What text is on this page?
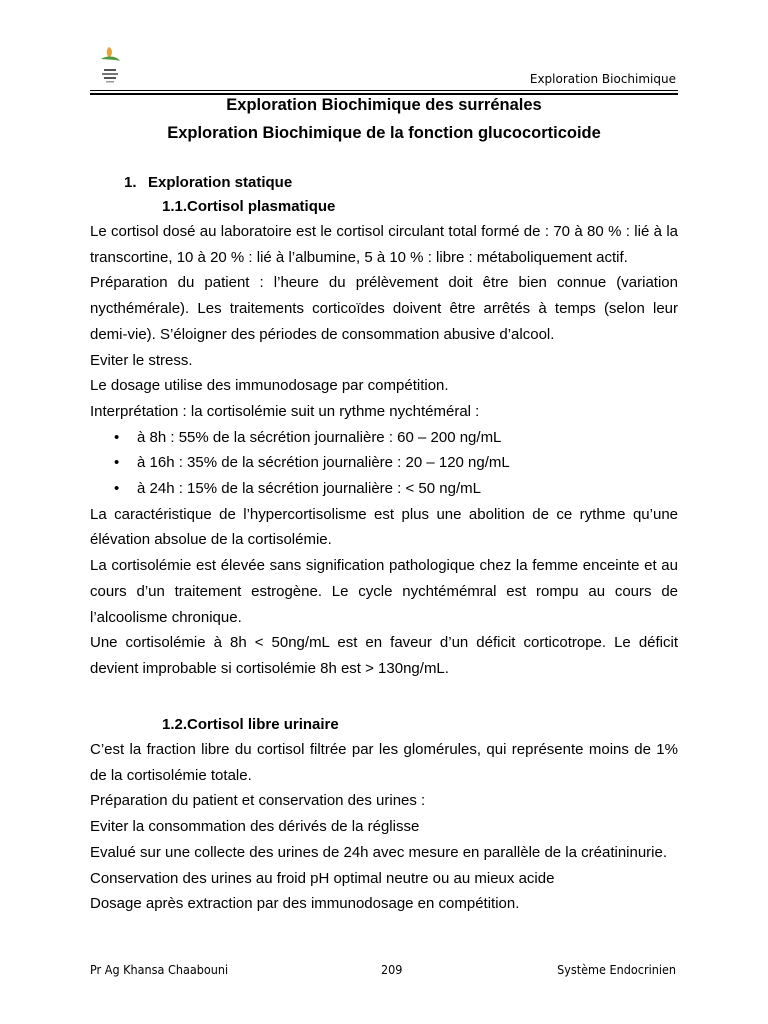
Exploration Biochimique
Exploration Biochimique des surrénales
Exploration Biochimique de la fonction glucocorticoide
1. Exploration statique
1.1.Cortisol plasmatique

Le cortisol dosé au laboratoire est le cortisol circulant total formé de : 70 à 80 % : lié à la transcortine, 10 à 20 % : lié à l’albumine, 5 à 10 % : libre : métaboliquement actif.

Préparation du patient : l’heure du prélèvement doit être bien connue (variation nycthémérale). Les traitements corticoïdes doivent être arrêtés à temps (selon leur demi-vie). S’éloigner des périodes de consommation abusive d’alcool.

Eviter le stress.

Le dosage utilise des immunodosage par compétition.

Interprétation : la cortisolémie suit un rythme nychtéméral :

• à 8h : 55% de la sécrétion journalière : 60 – 200 ng/mL
• à 16h : 35% de la sécrétion journalière : 20 – 120 ng/mL
• à 24h : 15% de la sécrétion journalière : < 50 ng/mL

La caractéristique de l’hypercortisolisme est plus une abolition de ce rythme qu’une élévation absolue de la cortisolémie.

La cortisolémie est élevée sans signification pathologique chez la femme enceinte et au cours d’un traitement estrogène. Le cycle nychtémémral est rompu au cours de l’alcoolisme chronique.

Une cortisolémie à 8h < 50ng/mL est en faveur d’un déficit corticotrope. Le déficit devient improbable si cortisolémie 8h est > 130ng/mL.

1.2.Cortisol libre urinaire

C’est la fraction libre du cortisol filtrée par les glomérules, qui représente moins de 1% de la cortisolémie totale.

Préparation du patient et conservation des urines :

Eviter la consommation des dérivés de la réglisse

Evalué sur une collecte des urines de 24h avec mesure en parallèle de la créatininurie.

Conservation des urines au froid pH optimal neutre ou au mieux acide

Dosage après extraction par des immunodosage en compétition.

Pr Ag Khansa Chaabouni	209	Système Endocrinien
